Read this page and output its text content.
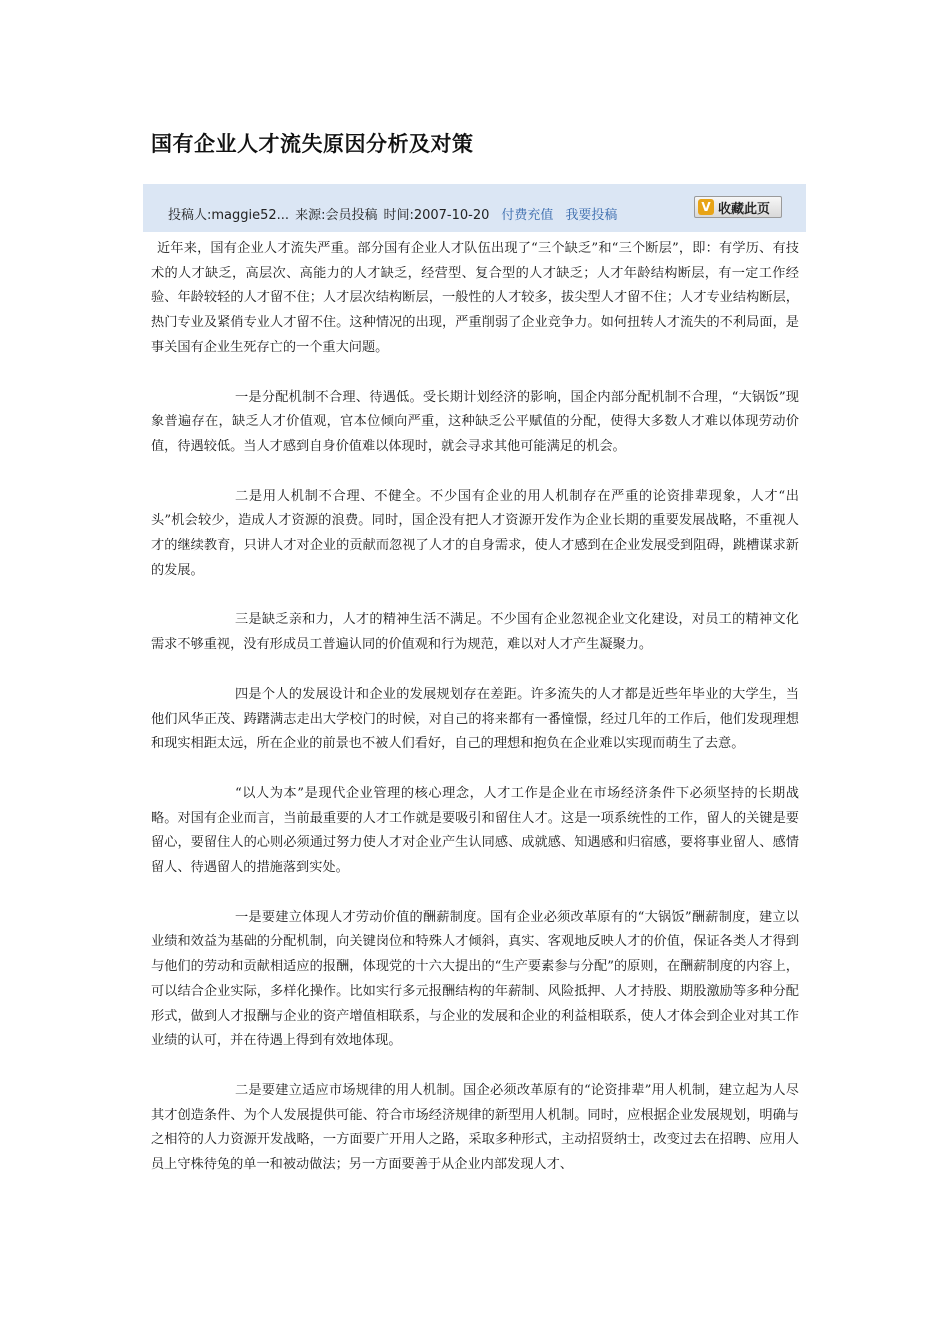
国有企业人才流失原因分析及对策
投稿人:maggie52... 来源:会员投稿 时间:2007-10-20 付费充值 我要投稿
V 收藏此页

近年来，国有企业人才流失严重。部分国有企业人才队伍出现了“三个缺乏”和“三个断层”，即：有学历、有技术的人才缺乏，高层次、高能力的人才缺乏，经营型、复合型的人才缺乏；人才年龄结构断层，有一定工作经验、年龄较轻的人才留不住；人才层次结构断层，一般性的人才较多，拔尖型人才留不住；人才专业结构断层，热门专业及紧俏专业人才留不住。这种情况的出现，严重削弱了企业竞争力。如何扭转人才流失的不利局面，是事关国有企业生死存亡的一个重大问题。

一是分配机制不合理、待遇低。受长期计划经济的影响，国企内部分配机制不合理，“大锅饭”现象普遍存在，缺乏人才价值观，官本位倾向严重，这种缺乏公平赋值的分配，使得大多数人才难以体现劳动价值，待遇较低。当人才感到自身价值难以体现时，就会寻求其他可能满足的机会。

二是用人机制不合理、不健全。不少国有企业的用人机制存在严重的论资排辈现象，人才“出头”机会较少，造成人才资源的浪费。同时，国企没有把人才资源开发作为企业长期的重要发展战略，不重视人才的继续教育，只讲人才对企业的贡献而忽视了人才的自身需求，使人才感到在企业发展受到阻碍，跳槽谋求新的发展。

三是缺乏亲和力，人才的精神生活不满足。不少国有企业忽视企业文化建设，对员工的精神文化需求不够重视，没有形成员工普遍认同的价值观和行为规范，难以对人才产生凝聚力。

四是个人的发展设计和企业的发展规划存在差距。许多流失的人才都是近些年毕业的大学生，当他们风华正茂、踌躇满志走出大学校门的时候，对自己的将来都有一番憧憬，经过几年的工作后，他们发现理想和现实相距太远，所在企业的前景也不被人们看好，自己的理想和抱负在企业难以实现而萌生了去意。

“以人为本”是现代企业管理的核心理念，人才工作是企业在市场经济条件下必须坚持的长期战略。对国有企业而言，当前最重要的人才工作就是要吸引和留住人才。这是一项系统性的工作，留人的关键是要留心，要留住人的心则必须通过努力使人才对企业产生认同感、成就感、知遇感和归宿感，要将事业留人、感情留人、待遇留人的措施落到实处。

一是要建立体现人才劳动价值的酬薪制度。国有企业必须改革原有的“大锅饭”酬薪制度，建立以业绩和效益为基础的分配机制，向关键岗位和特殊人才倾斜，真实、客观地反映人才的价值，保证各类人才得到与他们的劳动和贡献相适应的报酬，体现党的十六大提出的“生产要素参与分配”的原则，在酬薪制度的内容上，可以结合企业实际，多样化操作。比如实行多元报酬结构的年薪制、风险抵押、人才持股、期股激励等多种分配形式，做到人才报酬与企业的资产增值相联系，与企业的发展和企业的利益相联系，使人才体会到企业对其工作业绩的认可，并在待遇上得到有效地体现。

二是要建立适应市场规律的用人机制。国企必须改革原有的“论资排辈”用人机制，建立起为人尽其才创造条件、为个人发展提供可能、符合市场经济规律的新型用人机制。同时，应根据企业发展规划，明确与之相符的人力资源开发战略，一方面要广开用人之路，采取多种形式，主动招贤纳士，改变过去在招聘、应用人员上守株待兔的单一和被动做法；另一方面要善于从企业内部发现人才、
